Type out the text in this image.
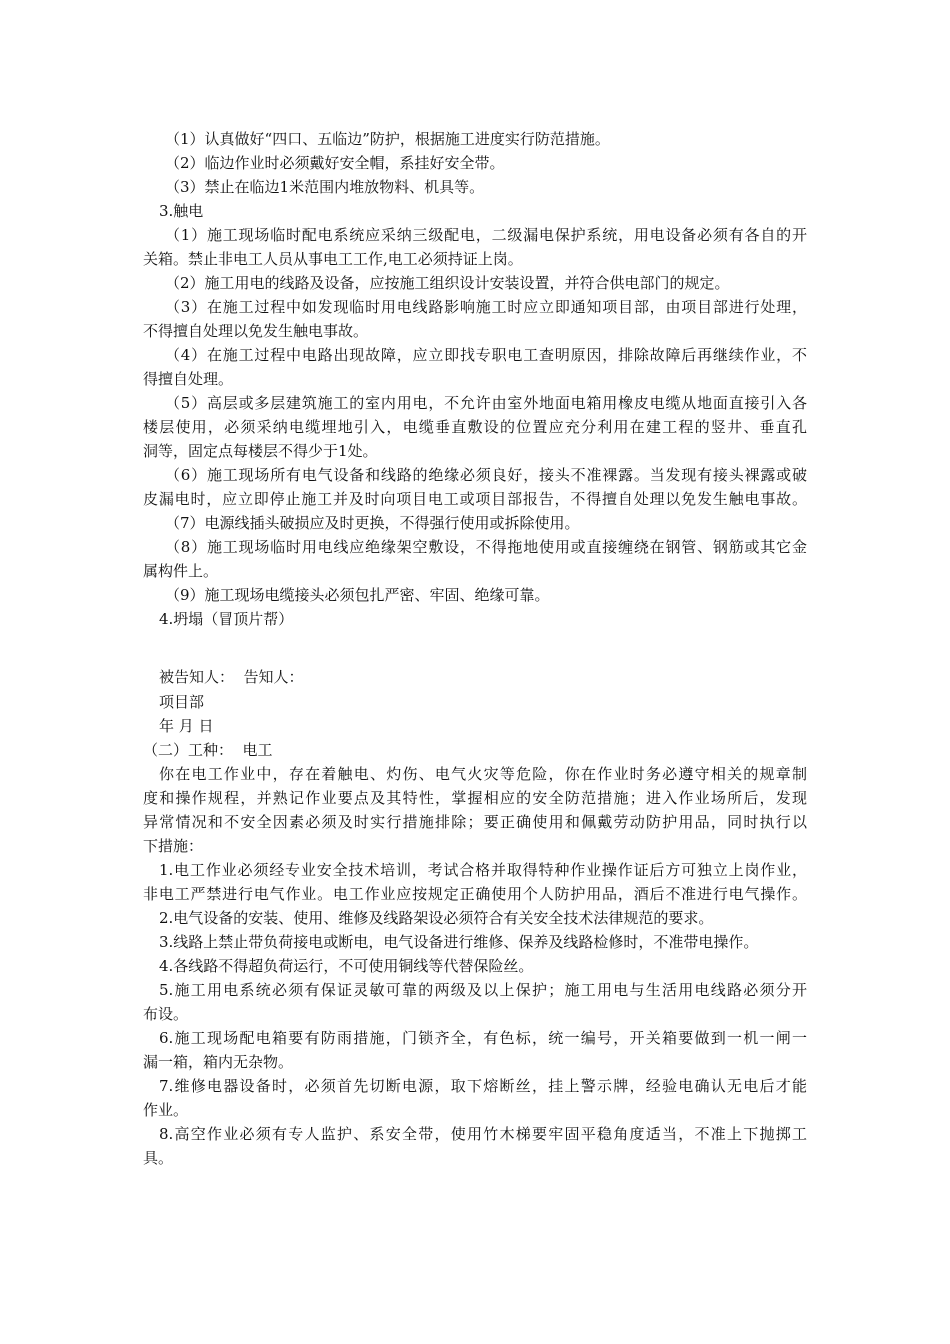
（1）认真做好“四口、五临边”防护，根据施工进度实行防范措施。
（2）临边作业时必须戴好安全帽，系挂好安全带。
（3）禁止在临边1米范围内堆放物料、机具等。
3.触电
（1）施工现场临时配电系统应采纳三级配电，二级漏电保护系统，用电设备必须有各自的开
关箱。禁止非电工人员从事电工工作,电工必须持证上岗。
（2）施工用电的线路及设备，应按施工组织设计安装设置，并符合供电部门的规定。
（3）在施工过程中如发现临时用电线路影响施工时应立即通知项目部，由项目部进行处理，
不得擅自处理以免发生触电事故。
（4）在施工过程中电路出现故障，应立即找专职电工查明原因，排除故障后再继续作业，不
得擅自处理。
（5）高层或多层建筑施工的室内用电，不允许由室外地面电箱用橡皮电缆从地面直接引入各
楼层使用，必须采纳电缆埋地引入，电缆垂直敷设的位置应充分利用在建工程的竖井、垂直孔
洞等，固定点每楼层不得少于1处。
（6）施工现场所有电气设备和线路的绝缘必须良好，接头不准裸露。当发现有接头裸露或破
皮漏电时，应立即停止施工并及时向项目电工或项目部报告，不得擅自处理以免发生触电事故。
（7）电源线插头破损应及时更换，不得强行使用或拆除使用。
（8）施工现场临时用电线应绝缘架空敷设，不得拖地使用或直接缠绕在钢管、钢筋或其它金
属构件上。
（9）施工现场电缆接头必须包扎严密、牢固、绝缘可靠。
4.坍塌（冒顶片帮）
被告知人：  告知人：
项目部
年 月 日
（二）工种：  电工
你在电工作业中，存在着触电、灼伤、电气火灾等危险，你在作业时务必遵守相关的规章制
度和操作规程，并熟记作业要点及其特性，掌握相应的安全防范措施；进入作业场所后，发现
异常情况和不安全因素必须及时实行措施排除；要正确使用和佩戴劳动防护用品，同时执行以
下措施：
1.电工作业必须经专业安全技术培训，考试合格并取得特种作业操作证后方可独立上岗作业，
非电工严禁进行电气作业。电工作业应按规定正确使用个人防护用品，酒后不准进行电气操作。
2.电气设备的安装、使用、维修及线路架设必须符合有关安全技术法律规范的要求。
3.线路上禁止带负荷接电或断电，电气设备进行维修、保养及线路检修时，不准带电操作。
4.各线路不得超负荷运行，不可使用铜线等代替保险丝。
5.施工用电系统必须有保证灵敏可靠的两级及以上保护；施工用电与生活用电线路必须分开
布设。
6.施工现场配电箱要有防雨措施，门锁齐全，有色标，统一编号，开关箱要做到一机一闸一
漏一箱，箱内无杂物。
7.维修电器设备时，必须首先切断电源，取下熔断丝，挂上警示牌，经验电确认无电后才能
作业。
8.高空作业必须有专人监护、系安全带，使用竹木梯要牢固平稳角度适当，不准上下抛掷工
具。
